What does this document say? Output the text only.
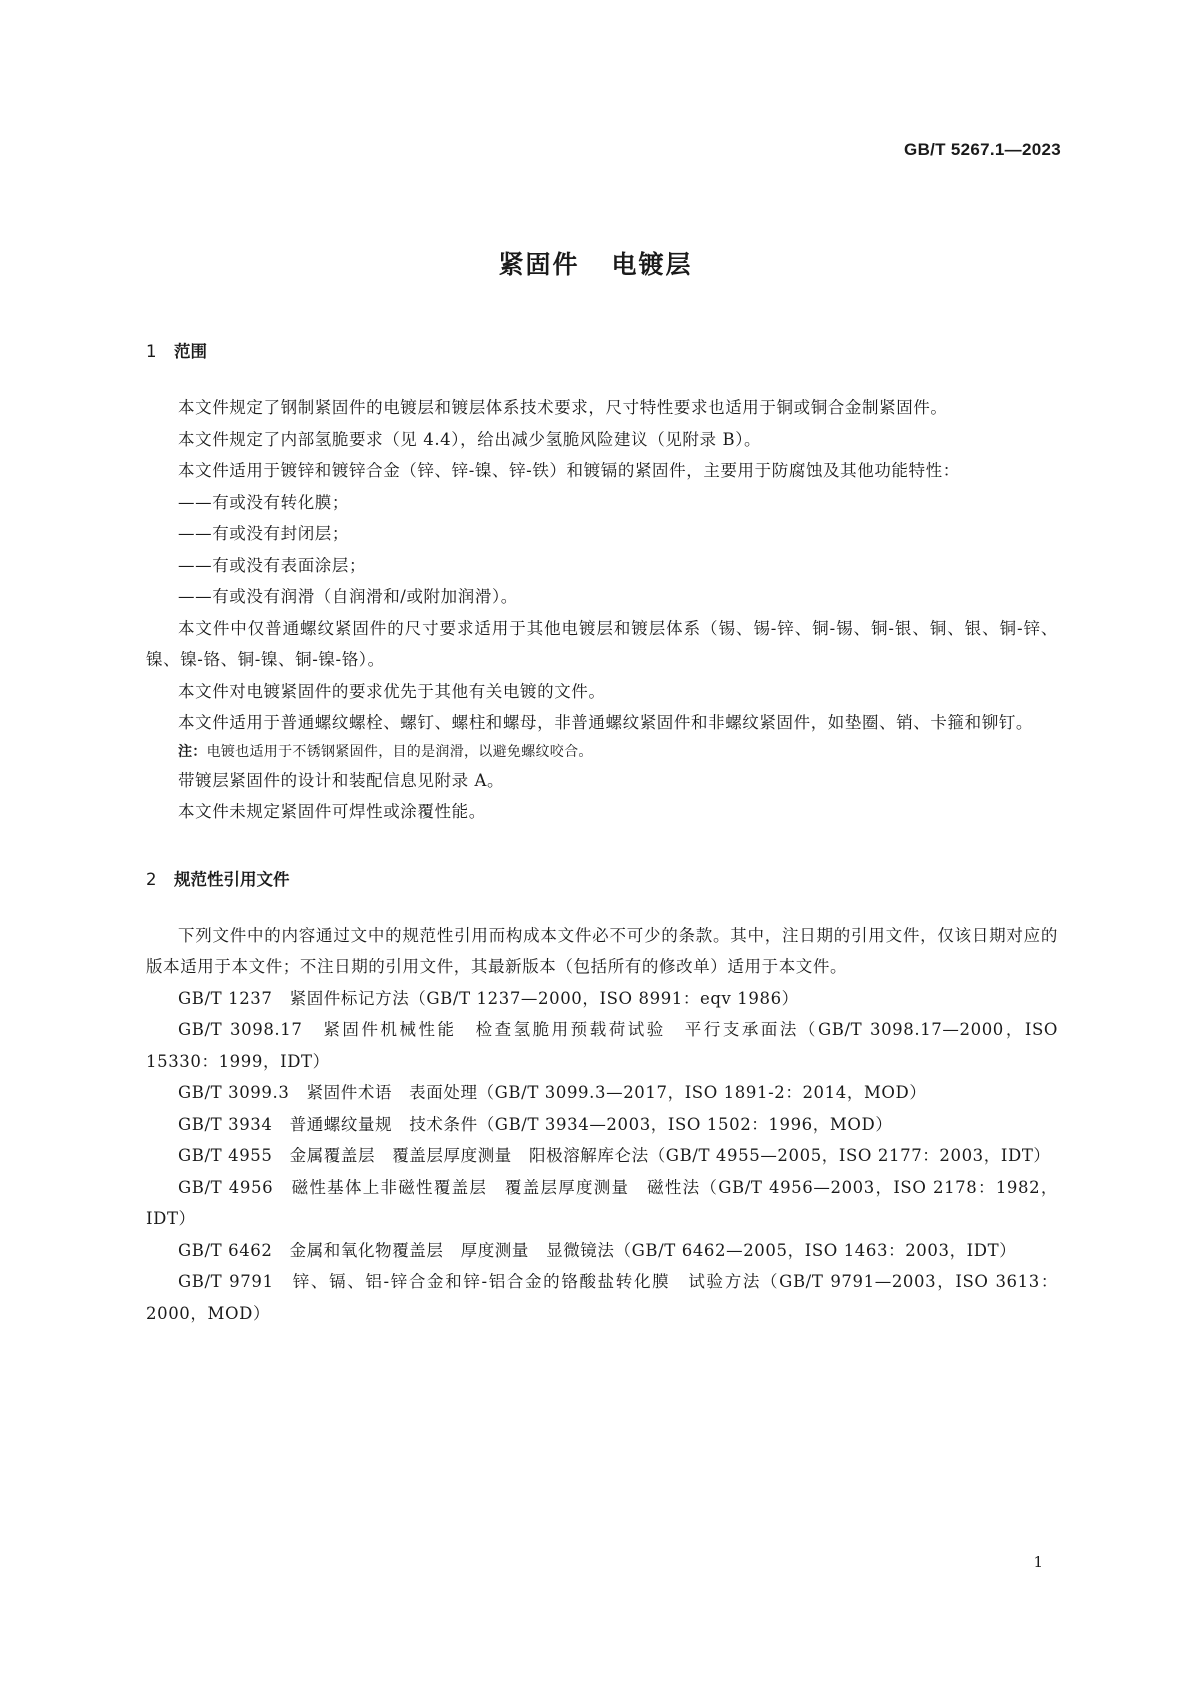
GB/T 5267.1—2023
紧固件 电镀层
1 范围

本文件规定了钢制紧固件的电镀层和镀层体系技术要求，尺寸特性要求也适用于铜或铜合金制紧固件。

本文件规定了内部氢脆要求（见 4.4），给出减少氢脆风险建议（见附录 B）。

本文件适用于镀锌和镀锌合金（锌、锌-镍、锌-铁）和镀镉的紧固件，主要用于防腐蚀及其他功能特性：

——有或没有转化膜；

——有或没有封闭层；

——有或没有表面涂层；

——有或没有润滑（自润滑和/或附加润滑）。

本文件中仅普通螺纹紧固件的尺寸要求适用于其他电镀层和镀层体系（锡、锡-锌、铜-锡、铜-银、铜、银、铜-锌、镍、镍-铬、铜-镍、铜-镍-铬）。

本文件对电镀紧固件的要求优先于其他有关电镀的文件。

本文件适用于普通螺纹螺栓、螺钉、螺柱和螺母，非普通螺纹紧固件和非螺纹紧固件，如垫圈、销、卡箍和铆钉。

注：电镀也适用于不锈钢紧固件，目的是润滑，以避免螺纹咬合。

带镀层紧固件的设计和装配信息见附录 A。

本文件未规定紧固件可焊性或涂覆性能。

2 规范性引用文件

下列文件中的内容通过文中的规范性引用而构成本文件必不可少的条款。其中，注日期的引用文件，仅该日期对应的版本适用于本文件；不注日期的引用文件，其最新版本（包括所有的修改单）适用于本文件。

GB/T 1237　紧固件标记方法（GB/T 1237—2000，ISO 8991：eqv 1986）

GB/T 3098.17　紧固件机械性能　检查氢脆用预载荷试验　平行支承面法（GB/T 3098.17—2000，ISO 15330：1999，IDT）

GB/T 3099.3　紧固件术语　表面处理（GB/T 3099.3—2017，ISO 1891-2：2014，MOD）

GB/T 3934　普通螺纹量规　技术条件（GB/T 3934—2003，ISO 1502：1996，MOD）

GB/T 4955　金属覆盖层　覆盖层厚度测量　阳极溶解库仑法（GB/T 4955—2005，ISO 2177：2003，IDT）

GB/T 4956　磁性基体上非磁性覆盖层　覆盖层厚度测量　磁性法（GB/T 4956—2003，ISO 2178：1982，IDT）

GB/T 6462　金属和氧化物覆盖层　厚度测量　显微镜法（GB/T 6462—2005，ISO 1463：2003，IDT）

GB/T 9791　锌、镉、铝-锌合金和锌-铝合金的铬酸盐转化膜　试验方法（GB/T 9791—2003，ISO 3613：2000，MOD）

1
